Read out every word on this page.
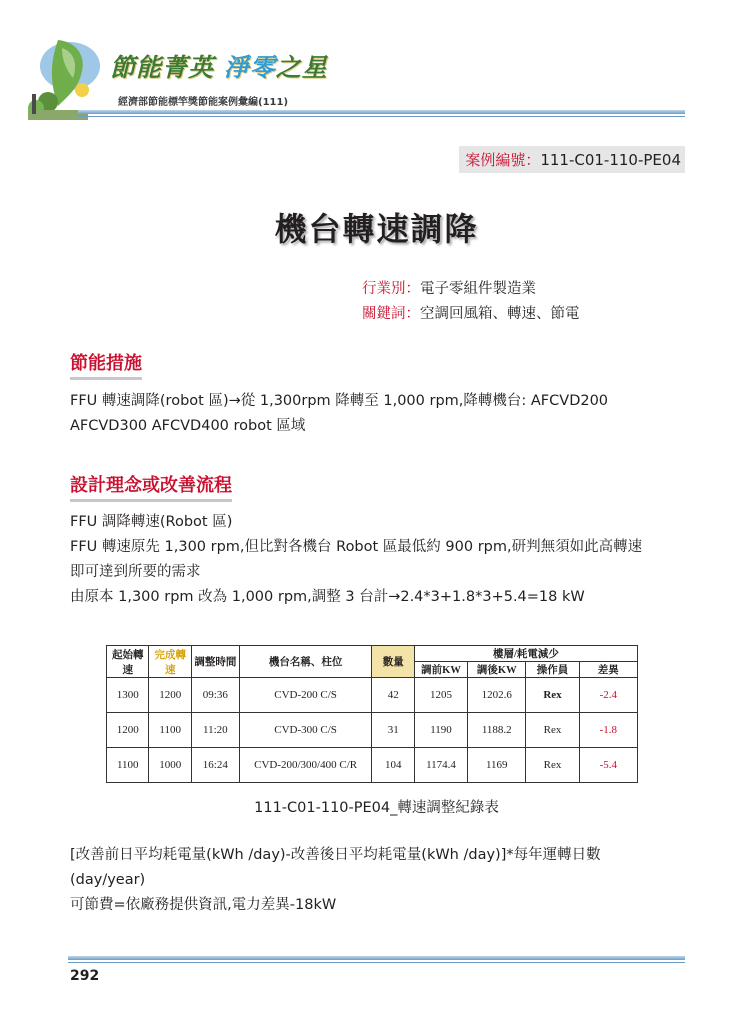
節能菁英 淨零之星
經濟部節能標竿獎節能案例彙編(111)
案例編號：111-C01-110-PE04
機台轉速調降
行業別：電子零組件製造業
關鍵詞：空調回風箱、轉速、節電
節能措施
FFU 轉速調降(robot 區)→從 1,300rpm 降轉至 1,000 rpm,降轉機台: AFCVD200
AFCVD300 AFCVD400 robot 區域
設計理念或改善流程
FFU 調降轉速(Robot 區)
FFU 轉速原先 1,300 rpm,但比對各機台 Robot 區最低約 900 rpm,研判無須如此高轉速
即可達到所要的需求
由原本 1,300 rpm 改為 1,000 rpm,調整 3 台計→2.4*3+1.8*3+5.4=18 kW
起始轉速	完成轉速	調整時間	機台名稱、柱位	數量	樓層/耗電減少			
					調前KW	調後KW	操作員	差異
1300	1200	09:36	CVD-200 C/S	42	1205	1202.6	Rex	-2.4
1200	1100	11:20	CVD-300 C/S	31	1190	1188.2	Rex	-1.8
1100	1000	16:24	CVD-200/300/400 C/R	104	1174.4	1169	Rex	-5.4
111-C01-110-PE04_轉速調整紀錄表
[改善前日平均耗電量(kWh /day)-改善後日平均耗電量(kWh /day)]*每年運轉日數
(day/year)
可節費=依廠務提供資訊,電力差異-18kW
292
